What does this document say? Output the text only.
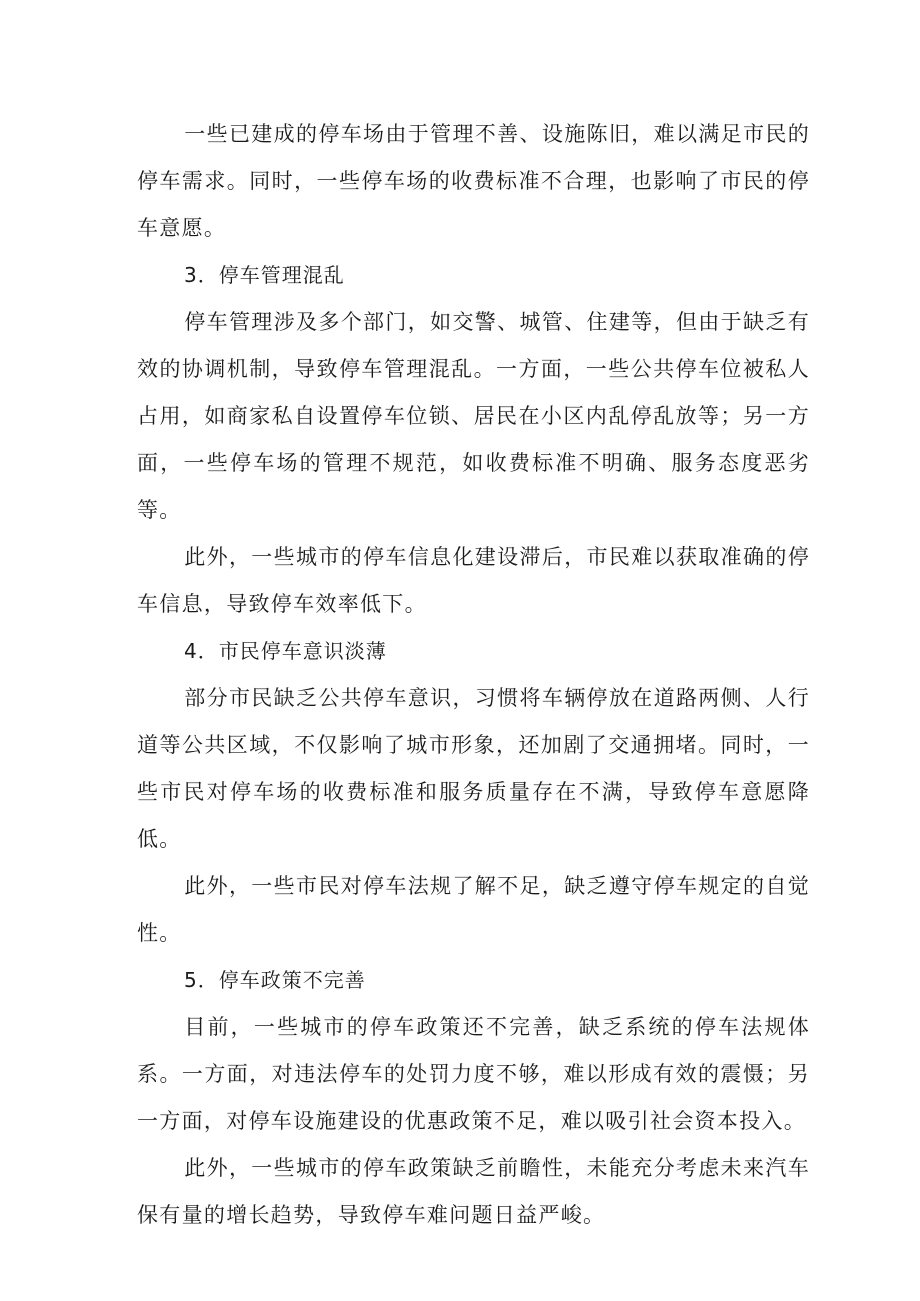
一些已建成的停车场由于管理不善、设施陈旧，难以满足市民的停车需求。同时，一些停车场的收费标准不合理，也影响了市民的停车意愿。

3．停车管理混乱

停车管理涉及多个部门，如交警、城管、住建等，但由于缺乏有效的协调机制，导致停车管理混乱。一方面，一些公共停车位被私人占用，如商家私自设置停车位锁、居民在小区内乱停乱放等；另一方面，一些停车场的管理不规范，如收费标准不明确、服务态度恶劣等。

此外，一些城市的停车信息化建设滞后，市民难以获取准确的停车信息，导致停车效率低下。

4．市民停车意识淡薄

部分市民缺乏公共停车意识，习惯将车辆停放在道路两侧、人行道等公共区域，不仅影响了城市形象，还加剧了交通拥堵。同时，一些市民对停车场的收费标准和服务质量存在不满，导致停车意愿降低。

此外，一些市民对停车法规了解不足，缺乏遵守停车规定的自觉性。

5．停车政策不完善

目前，一些城市的停车政策还不完善，缺乏系统的停车法规体系。一方面，对违法停车的处罚力度不够，难以形成有效的震慑；另一方面，对停车设施建设的优惠政策不足，难以吸引社会资本投入。

此外，一些城市的停车政策缺乏前瞻性，未能充分考虑未来汽车保有量的增长趋势，导致停车难问题日益严峻。
